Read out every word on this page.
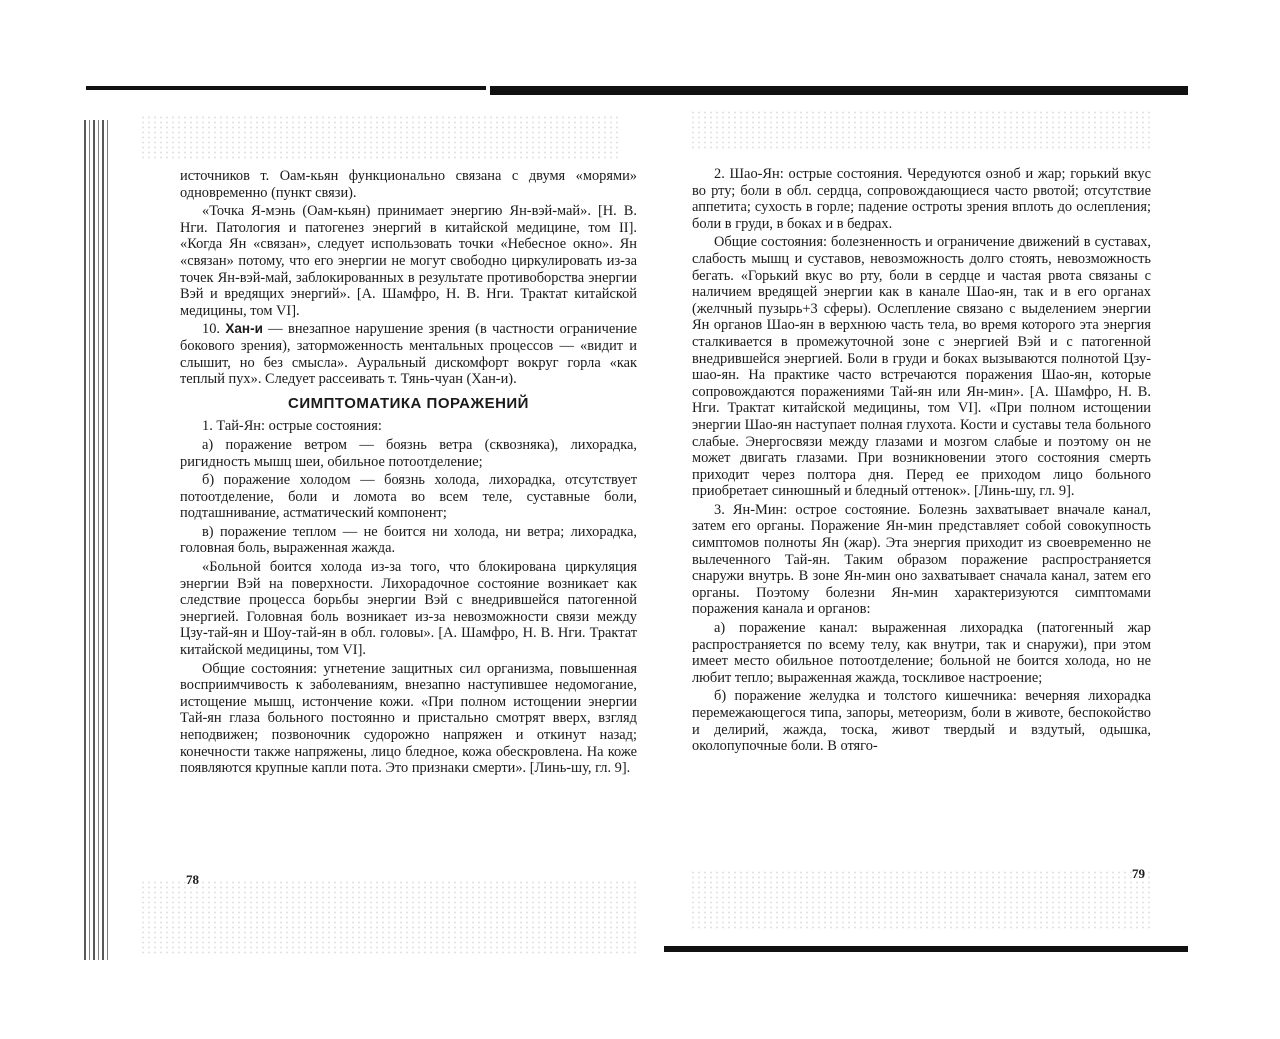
источников т. Оам-кьян функционально связана с двумя «морями» одновременно (пункт связи).

«Точка Я-мэнь (Оам-кьян) принимает энергию Ян-вэй-май». [Н. В. Нги. Патология и патогенез энергий в китайской медицине, том II]. «Когда Ян «связан», следует использовать точки «Небесное окно». Ян «связан» потому, что его энергии не могут свободно циркулировать из-за точек Ян-вэй-май, заблокированных в результате противоборства энергии Вэй и вредящих энергий». [А. Шамфро, Н. В. Нги. Трактат китайской медицины, том VI].

10. Хан-и — внезапное нарушение зрения (в частности ограничение бокового зрения), заторможенность ментальных процессов — «видит и слышит, но без смысла». Ауральный дискомфорт вокруг горла «как теплый пух». Следует рассеивать т. Тянь-чуан (Хан-и).

СИМПТОМАТИКА ПОРАЖЕНИЙ

1. Тай-Ян: острые состояния:

а) поражение ветром — боязнь ветра (сквозняка), лихорадка, ригидность мышц шеи, обильное потоотделение;

б) поражение холодом — боязнь холода, лихорадка, отсутствует потоотделение, боли и ломота во всем теле, суставные боли, подташнивание, астматический компонент;

в) поражение теплом — не боится ни холода, ни ветра; лихорадка, головная боль, выраженная жажда.

«Больной боится холода из-за того, что блокирована циркуляция энергии Вэй на поверхности. Лихорадочное состояние возникает как следствие процесса борьбы энергии Вэй с внедрившейся патогенной энергией. Головная боль возникает из-за невозможности связи между Цзу-тай-ян и Шоу-тай-ян в обл. головы». [А. Шамфро, Н. В. Нги. Трактат китайской медицины, том VI].

Общие состояния: угнетение защитных сил организма, повышенная восприимчивость к заболеваниям, внезапно наступившее недомогание, истощение мышц, истончение кожи. «При полном истощении энергии Тай-ян глаза больного постоянно и пристально смотрят вверх, взгляд неподвижен; позвоночник судорожно напряжен и откинут назад; конечности также напряжены, лицо бледное, кожа обескровлена. На коже появляются крупные капли пота. Это признаки смерти». [Линь-шу, гл. 9].

78

2. Шао-Ян: острые состояния. Чередуются озноб и жар; горький вкус во рту; боли в обл. сердца, сопровождающиеся часто рвотой; отсутствие аппетита; сухость в горле; падение остроты зрения вплоть до ослепления; боли в груди, в боках и в бедрах.

Общие состояния: болезненность и ограничение движений в суставах, слабость мышц и суставов, невозможность долго стоять, невозможность бегать. «Горький вкус во рту, боли в сердце и частая рвота связаны с наличием вредящей энергии как в канале Шао-ян, так и в его органах (желчный пузырь+3 сферы). Ослепление связано с выделением энергии Ян органов Шао-ян в верхнюю часть тела, во время которого эта энергия сталкивается в промежуточной зоне с энергией Вэй и с патогенной внедрившейся энергией. Боли в груди и боках вызываются полнотой Цзу-шао-ян. На практике часто встречаются поражения Шао-ян, которые сопровождаются поражениями Тай-ян или Ян-мин». [А. Шамфро, Н. В. Нги. Трактат китайской медицины, том VI]. «При полном истощении энергии Шао-ян наступает полная глухота. Кости и суставы тела больного слабые. Энергосвязи между глазами и мозгом слабые и поэтому он не может двигать глазами. При возникновении этого состояния смерть приходит через полтора дня. Перед ее приходом лицо больного приобретает синюшный и бледный оттенок». [Линь-шу, гл. 9].

3. Ян-Мин: острое состояние. Болезнь захватывает вначале канал, затем его органы. Поражение Ян-мин представляет собой совокупность симптомов полноты Ян (жар). Эта энергия приходит из своевременно не вылеченного Тай-ян. Таким образом поражение распространяется снаружи внутрь. В зоне Ян-мин оно захватывает сначала канал, затем его органы. Поэтому болезни Ян-мин характеризуются симптомами поражения канала и органов:

а) поражение канал: выраженная лихорадка (патогенный жар распространяется по всему телу, как внутри, так и снаружи), при этом имеет место обильное потоотделение; больной не боится холода, но не любит тепло; выраженная жажда, тоскливое настроение;

б) поражение желудка и толстого кишечника: вечерняя лихорадка перемежающегося типа, запоры, метеоризм, боли в животе, беспокойство и делирий, жажда, тоска, живот твердый и вздутый, одышка, околопупочные боли. В отяго-

79
